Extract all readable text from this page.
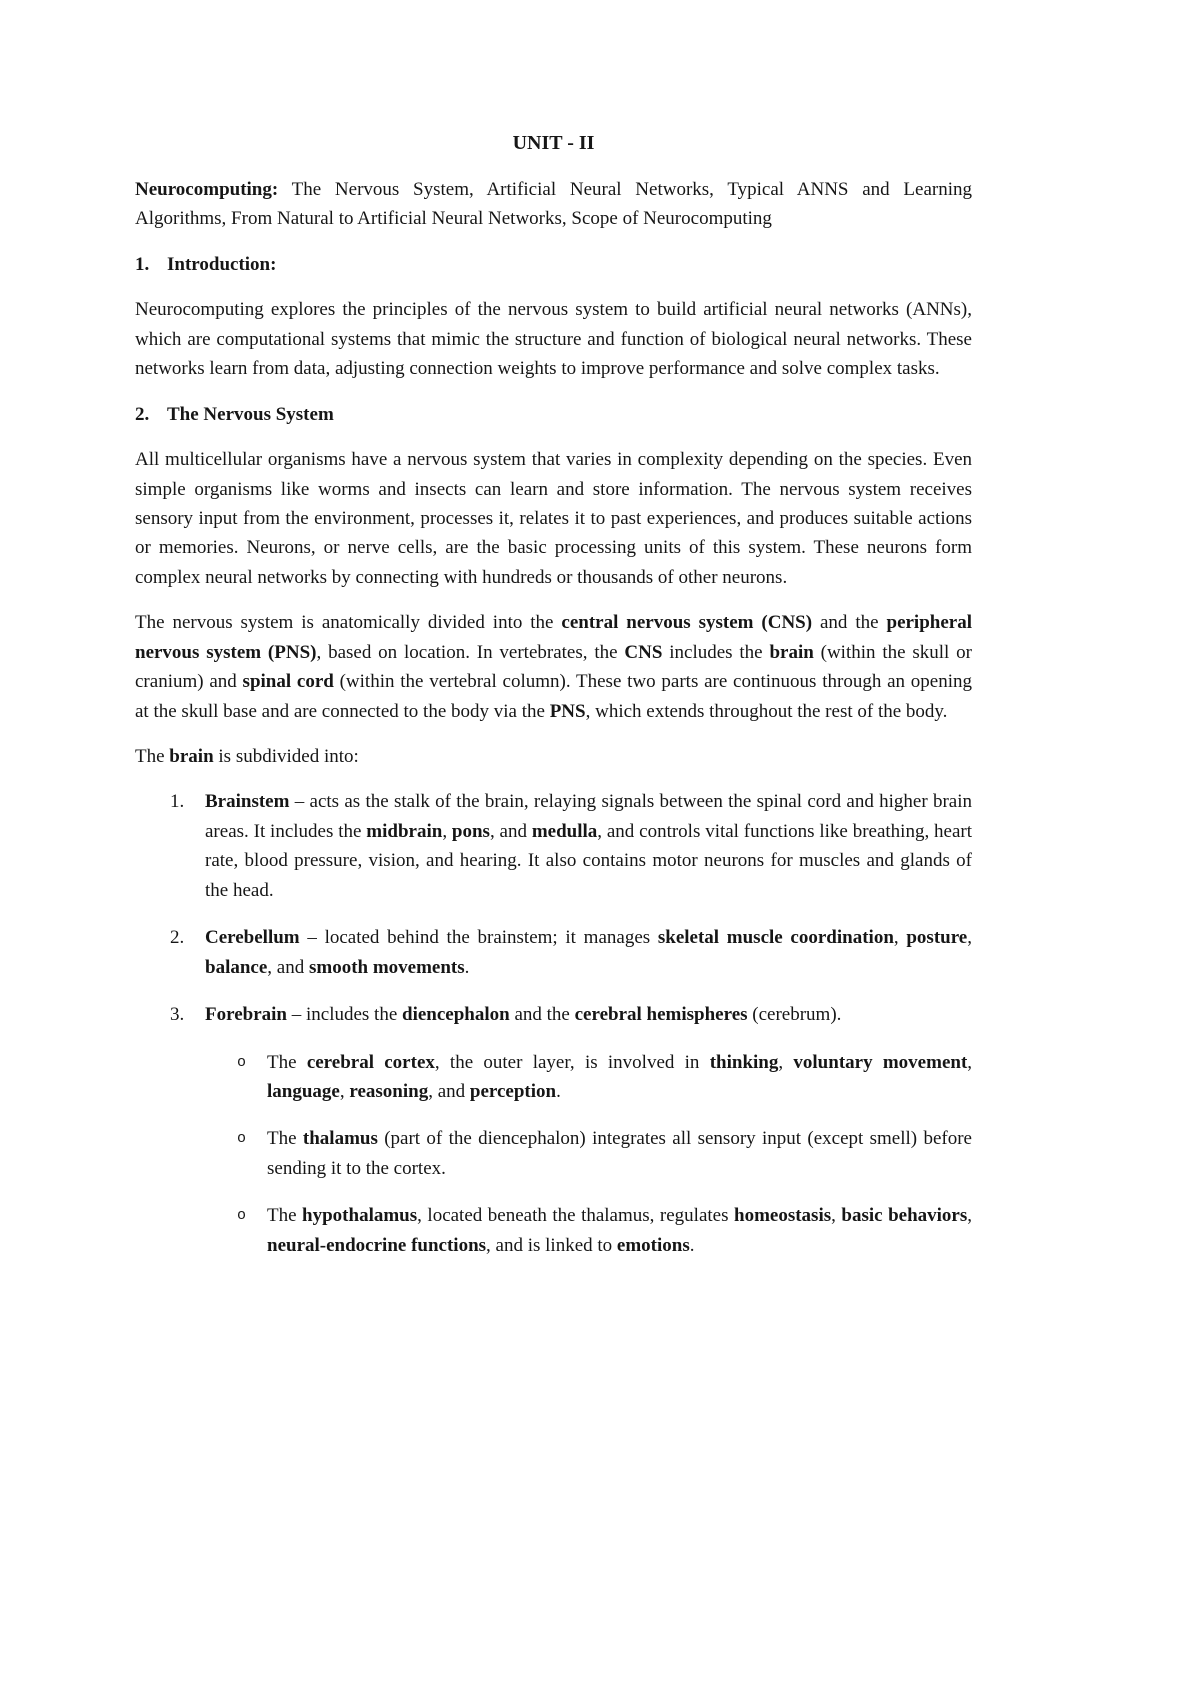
UNIT - II

Neurocomputing: The Nervous System, Artificial Neural Networks, Typical ANNS and Learning Algorithms, From Natural to Artificial Neural Networks, Scope of Neurocomputing

1. Introduction:

Neurocomputing explores the principles of the nervous system to build artificial neural networks (ANNs), which are computational systems that mimic the structure and function of biological neural networks. These networks learn from data, adjusting connection weights to improve performance and solve complex tasks.

2. The Nervous System

All multicellular organisms have a nervous system that varies in complexity depending on the species. Even simple organisms like worms and insects can learn and store information. The nervous system receives sensory input from the environment, processes it, relates it to past experiences, and produces suitable actions or memories. Neurons, or nerve cells, are the basic processing units of this system. These neurons form complex neural networks by connecting with hundreds or thousands of other neurons.

The nervous system is anatomically divided into the central nervous system (CNS) and the peripheral nervous system (PNS), based on location. In vertebrates, the CNS includes the brain (within the skull or cranium) and spinal cord (within the vertebral column). These two parts are continuous through an opening at the skull base and are connected to the body via the PNS, which extends throughout the rest of the body.

The brain is subdivided into:

1.	Brainstem – acts as the stalk of the brain, relaying signals between the spinal cord and higher brain areas. It includes the midbrain, pons, and medulla, and controls vital functions like breathing, heart rate, blood pressure, vision, and hearing. It also contains motor neurons for muscles and glands of the head.
2.	Cerebellum – located behind the brainstem; it manages skeletal muscle coordination, posture, balance, and smooth movements.
3.	Forebrain – includes the diencephalon and the cerebral hemispheres (cerebrum).
o	The cerebral cortex, the outer layer, is involved in thinking, voluntary movement, language, reasoning, and perception.
o	The thalamus (part of the diencephalon) integrates all sensory input (except smell) before sending it to the cortex.
o	The hypothalamus, located beneath the thalamus, regulates homeostasis, basic behaviors, neural-endocrine functions, and is linked to emotions.
